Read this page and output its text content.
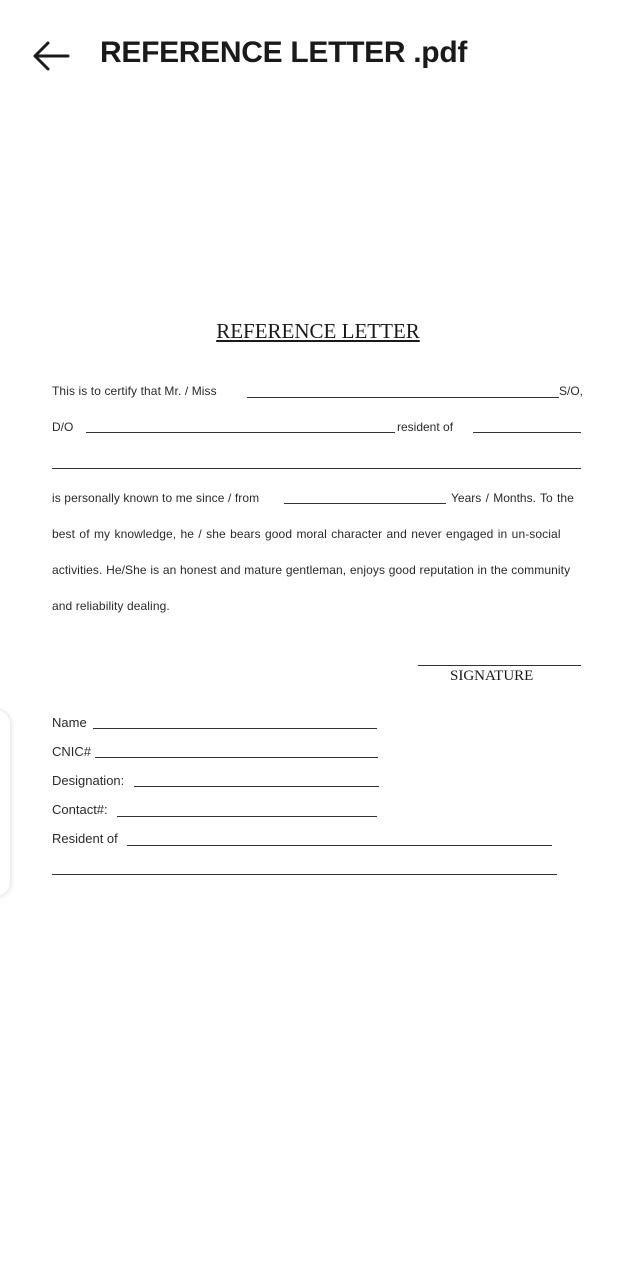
REFERENCE LETTER .pdf
REFERENCE LETTER
This is to certify that Mr. / Miss	S/O,
D/O	resident of
is personally known to me since / from	Years / Months. To the
best of my knowledge, he / she bears good moral character and never engaged in un-social
activities. He/She is an honest and mature gentleman, enjoys good reputation in the community
and reliability dealing.
SIGNATURE
Name
CNIC#
Designation:
Contact#:
Resident of
